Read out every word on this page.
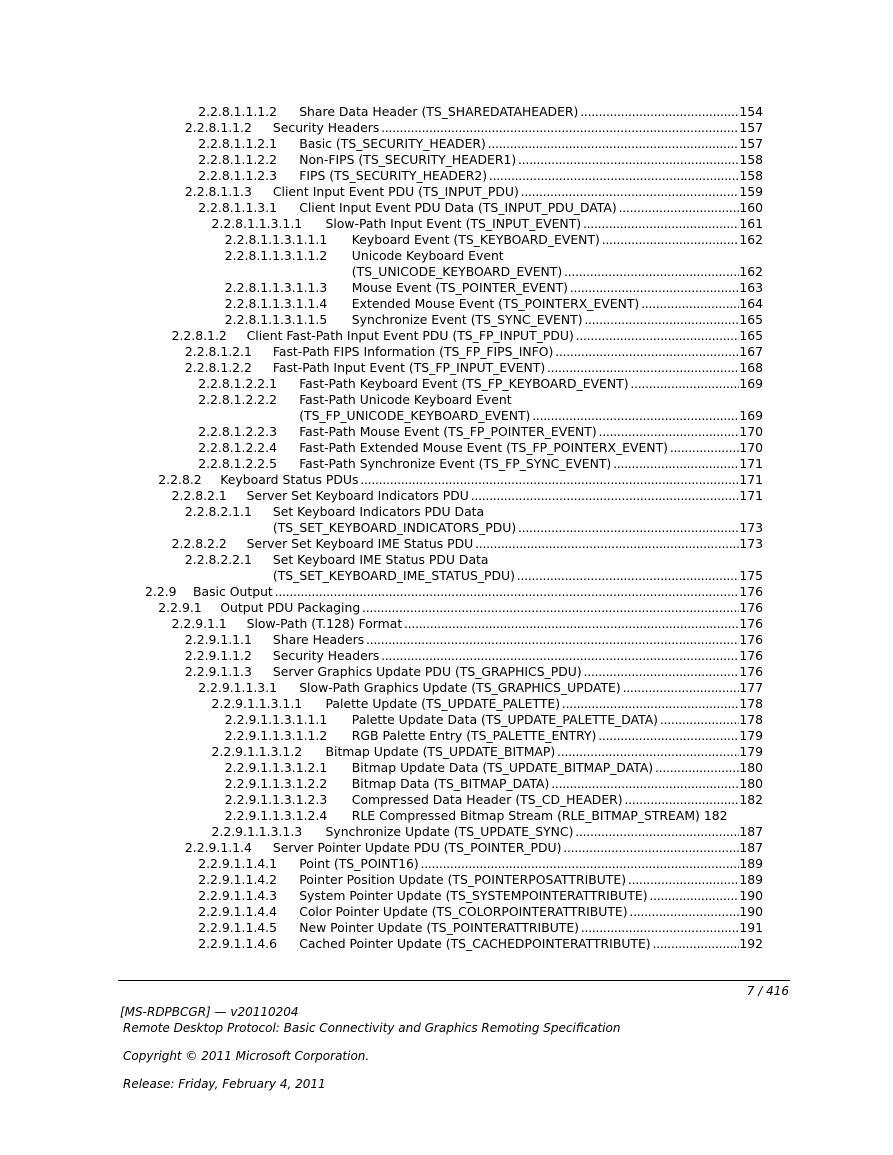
2.2.8.1.1.1.2	Share Data Header (TS_SHAREDATAHEADER) . . .	154
2.2.8.1.1.2	Security Headers . . .	157
2.2.8.1.1.2.1	Basic (TS_SECURITY_HEADER) . . .	157
2.2.8.1.1.2.2	Non-FIPS (TS_SECURITY_HEADER1) . . .	158
2.2.8.1.1.2.3	FIPS (TS_SECURITY_HEADER2) . . .	158
2.2.8.1.1.3	Client Input Event PDU (TS_INPUT_PDU) . . .	159
2.2.8.1.1.3.1	Client Input Event PDU Data (TS_INPUT_PDU_DATA) . . .	160
2.2.8.1.1.3.1.1	Slow-Path Input Event (TS_INPUT_EVENT) . . .	161
2.2.8.1.1.3.1.1.1	Keyboard Event (TS_KEYBOARD_EVENT) . . .	162
2.2.8.1.1.3.1.1.2	Unicode Keyboard Event
(TS_UNICODE_KEYBOARD_EVENT) . . .	162
2.2.8.1.1.3.1.1.3	Mouse Event (TS_POINTER_EVENT) . . .	163
2.2.8.1.1.3.1.1.4	Extended Mouse Event (TS_POINTERX_EVENT) . . .	164
2.2.8.1.1.3.1.1.5	Synchronize Event (TS_SYNC_EVENT) . . .	165
2.2.8.1.2	Client Fast-Path Input Event PDU (TS_FP_INPUT_PDU) . . .	165
2.2.8.1.2.1	Fast-Path FIPS Information (TS_FP_FIPS_INFO) . . .	167
2.2.8.1.2.2	Fast-Path Input Event (TS_FP_INPUT_EVENT) . . .	168
2.2.8.1.2.2.1	Fast-Path Keyboard Event (TS_FP_KEYBOARD_EVENT) . . .	169
2.2.8.1.2.2.2	Fast-Path Unicode Keyboard Event
(TS_FP_UNICODE_KEYBOARD_EVENT) . . .	169
2.2.8.1.2.2.3	Fast-Path Mouse Event (TS_FP_POINTER_EVENT) . . .	170
2.2.8.1.2.2.4	Fast-Path Extended Mouse Event (TS_FP_POINTERX_EVENT) . . .	170
2.2.8.1.2.2.5	Fast-Path Synchronize Event (TS_FP_SYNC_EVENT) . . .	171
2.2.8.2	Keyboard Status PDUs . . .	171
2.2.8.2.1	Server Set Keyboard Indicators PDU . . .	171
2.2.8.2.1.1	Set Keyboard Indicators PDU Data
(TS_SET_KEYBOARD_INDICATORS_PDU) . . .	173
2.2.8.2.2	Server Set Keyboard IME Status PDU . . .	173
2.2.8.2.2.1	Set Keyboard IME Status PDU Data
(TS_SET_KEYBOARD_IME_STATUS_PDU) . . .	175
2.2.9	Basic Output . . .	176
2.2.9.1	Output PDU Packaging . . .	176
2.2.9.1.1	Slow-Path (T.128) Format . . .	176
2.2.9.1.1.1	Share Headers . . .	176
2.2.9.1.1.2	Security Headers . . .	176
2.2.9.1.1.3	Server Graphics Update PDU (TS_GRAPHICS_PDU) . . .	176
2.2.9.1.1.3.1	Slow-Path Graphics Update (TS_GRAPHICS_UPDATE) . . .	177
2.2.9.1.1.3.1.1	Palette Update (TS_UPDATE_PALETTE) . . .	178
2.2.9.1.1.3.1.1.1	Palette Update Data (TS_UPDATE_PALETTE_DATA) . . .	178
2.2.9.1.1.3.1.1.2	RGB Palette Entry (TS_PALETTE_ENTRY) . . .	179
2.2.9.1.1.3.1.2	Bitmap Update (TS_UPDATE_BITMAP) . . .	179
2.2.9.1.1.3.1.2.1	Bitmap Update Data (TS_UPDATE_BITMAP_DATA) . . .	180
2.2.9.1.1.3.1.2.2	Bitmap Data (TS_BITMAP_DATA) . . .	180
2.2.9.1.1.3.1.2.3	Compressed Data Header (TS_CD_HEADER) . . .	182
2.2.9.1.1.3.1.2.4	RLE Compressed Bitmap Stream (RLE_BITMAP_STREAM) 182
2.2.9.1.1.3.1.3	Synchronize Update (TS_UPDATE_SYNC) . . .	187
2.2.9.1.1.4	Server Pointer Update PDU (TS_POINTER_PDU) . . .	187
2.2.9.1.1.4.1	Point (TS_POINT16) . . .	189
2.2.9.1.1.4.2	Pointer Position Update (TS_POINTERPOSATTRIBUTE) . . .	189
2.2.9.1.1.4.3	System Pointer Update (TS_SYSTEMPOINTERATTRIBUTE) . . .	190
2.2.9.1.1.4.4	Color Pointer Update (TS_COLORPOINTERATTRIBUTE) . . .	190
2.2.9.1.1.4.5	New Pointer Update (TS_POINTERATTRIBUTE) . . .	191
2.2.9.1.1.4.6	Cached Pointer Update (TS_CACHEDPOINTERATTRIBUTE) . . .	192
7 / 416
[MS-RDPBCGR] — v20110204
Remote Desktop Protocol: Basic Connectivity and Graphics Remoting Specification
Copyright © 2011 Microsoft Corporation.
Release: Friday, February 4, 2011
